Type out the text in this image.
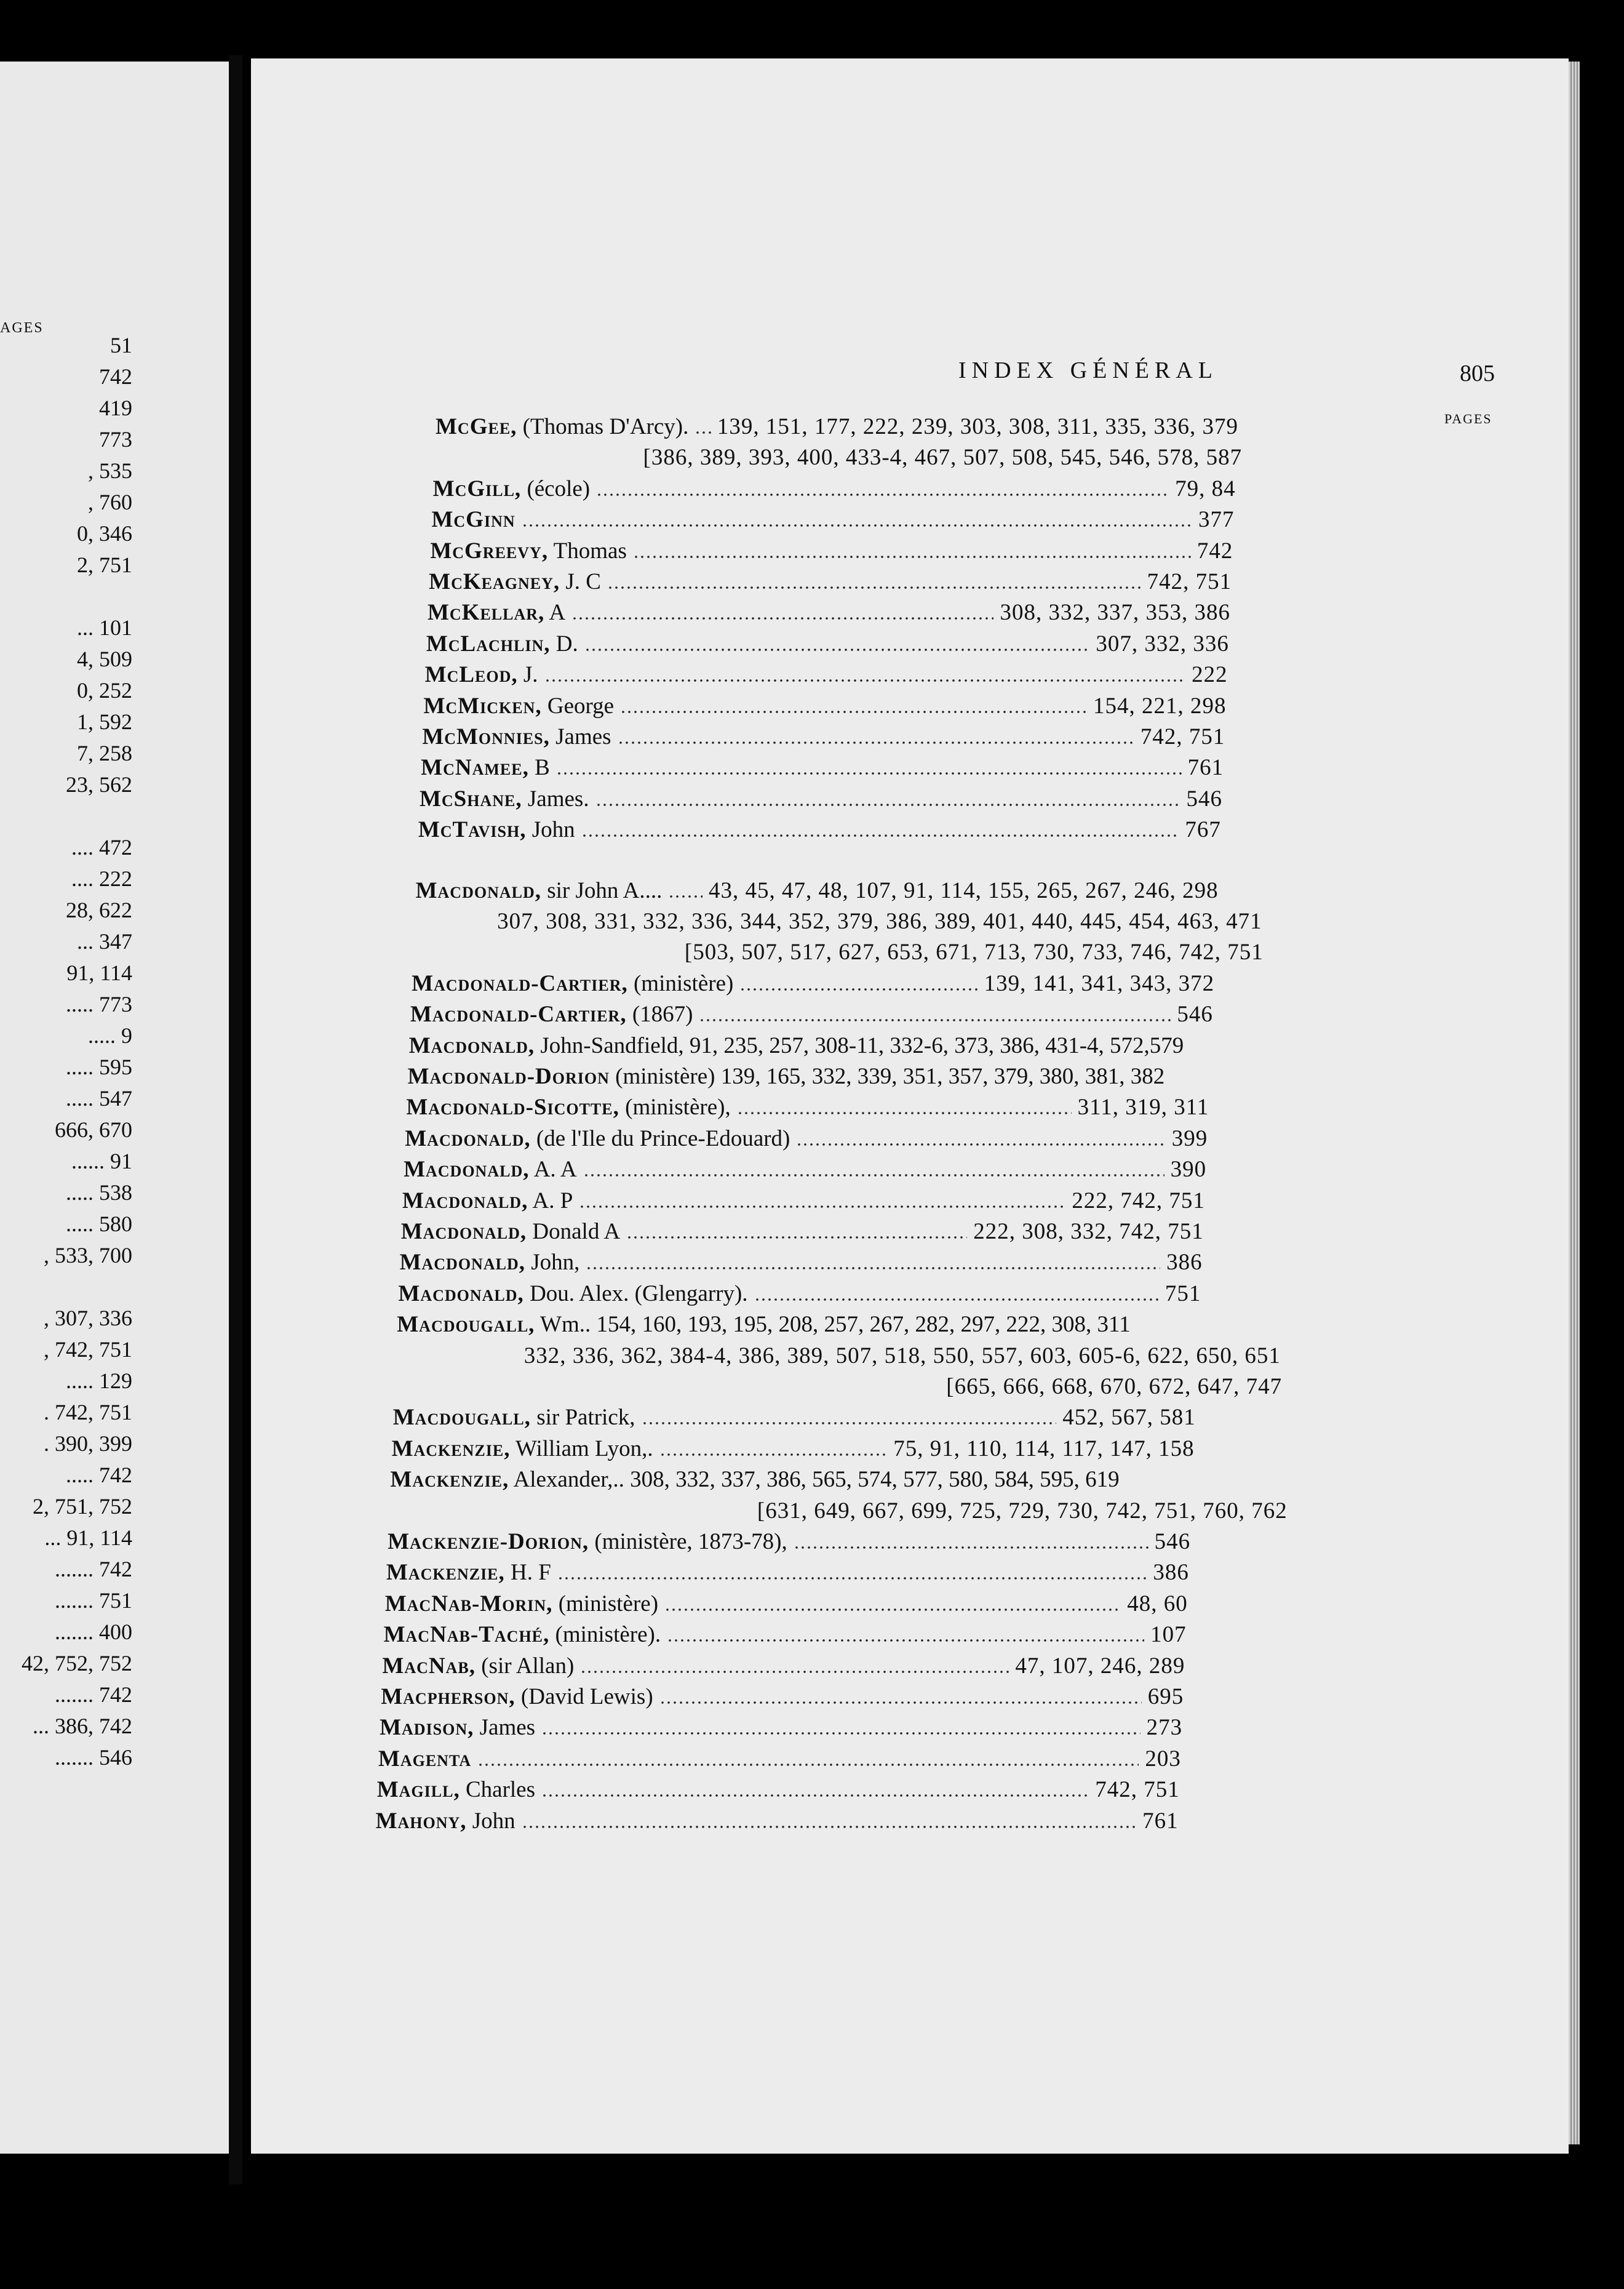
AGES
51
742
419
773
, 535
, 760
0, 346
2, 751
... 101
4, 509
0, 252
1, 592
7, 258
23, 562
.... 472
.... 222
28, 622
... 347
91, 114
..... 773
..... 9
..... 595
..... 547
666, 670
...... 91
..... 538
..... 580
, 533, 700
, 307, 336
, 742, 751
..... 129
. 742, 751
. 390, 399
..... 742
2, 751, 752
... 91, 114
....... 742
....... 751
....... 400
42, 752, 752
....... 742
... 386, 742
....... 546
INDEX GÉNÉRAL	805
PAGES
McGee, (Thomas D'Arcy). 139, 151, 177, 222, 239, 303, 308, 311, 335, 336, 379
[386, 389, 393, 400, 433-4, 467, 507, 508, 545, 546, 578, 587
McGill, (école)	79, 84
McGinn	377
McGreevy, Thomas	742
McKeagney, J. C	742, 751
McKellar, A	308, 332, 337, 353, 386
McLachlin, D.	307, 332, 336
McLeod, J.	222
McMicken, George	154, 221, 298
McMonnies, James	742, 751
McNamee, B	761
McShane, James.	546
McTavish, John	767
Macdonald, sir John A.... 43, 45, 47, 48, 107, 91, 114, 155, 265, 267, 246, 298
307, 308, 331, 332, 336, 344, 352, 379, 386, 389, 401, 440, 445, 454, 463, 471
[503, 507, 517, 627, 653, 671, 713, 730, 733, 746, 742, 751
Macdonald-Cartier, (ministère)	139, 141, 341, 343, 372
Macdonald-Cartier, (1867)	546
Macdonald, John-Sandfield, 91, 235, 257, 308-11, 332-6, 373, 386, 431-4, 572,579
Macdonald-Dorion (ministère) 139, 165, 332, 339, 351, 357, 379, 380, 381, 382
Macdonald-Sicotte, (ministère),	311, 319, 311
Macdonald, (de l'Ile du Prince-Edouard)	399
Macdonald, A. A	390
Macdonald, A. P	222, 742, 751
Macdonald, Donald A	222, 308, 332, 742, 751
Macdonald, John,	386
Macdonald, Dou. Alex. (Glengarry).	751
Macdougall, Wm.. 154, 160, 193, 195, 208, 257, 267, 282, 297, 222, 308, 311
332, 336, 362, 384-4, 386, 389, 507, 518, 550, 557, 603, 605-6, 622, 650, 651
[665, 666, 668, 670, 672, 647, 747
Macdougall, sir Patrick,	452, 567, 581
Mackenzie, William Lyon,.	75, 91, 110, 114, 117, 147, 158
Mackenzie, Alexander,.. 308, 332, 337, 386, 565, 574, 577, 580, 584, 595, 619
[631, 649, 667, 699, 725, 729, 730, 742, 751, 760, 762
Mackenzie-Dorion, (ministère, 1873-78),	546
Mackenzie, H. F	386
MacNab-Morin, (ministère)	48, 60
MacNab-Taché, (ministère).	107
MacNab, (sir Allan)	47, 107, 246, 289
Macpherson, (David Lewis)	695
Madison, James	273
Magenta	203
Magill, Charles	742, 751
Mahony, John	761
